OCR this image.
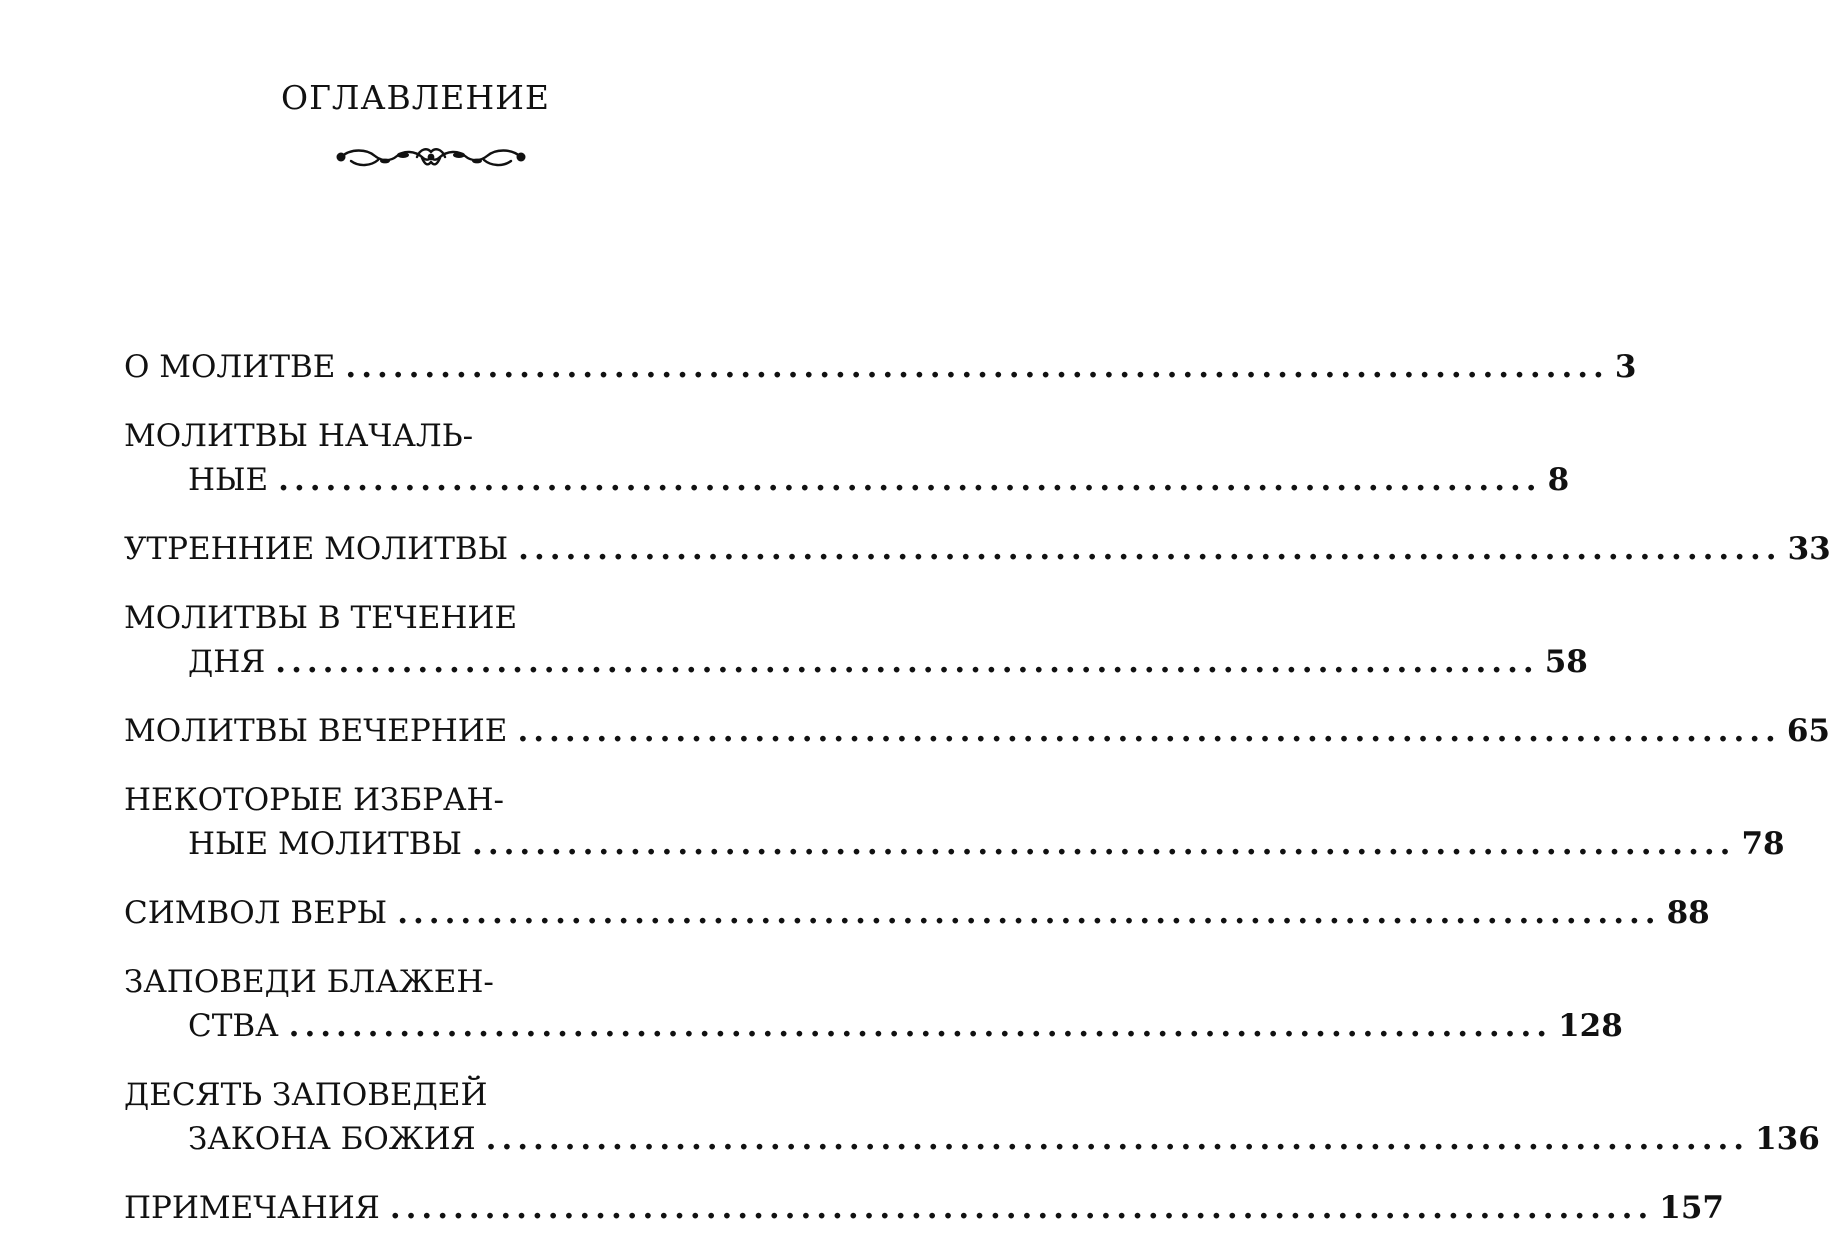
ОГЛАВЛЕНИЕ
О МОЛИТВЕ ................................................................................ 3
МОЛИТВЫ НАЧАЛЬ-
НЫЕ ................................................................................ 8
УТРЕННИЕ МОЛИТВЫ ................................................................................ 33
МОЛИТВЫ В ТЕЧЕНИЕ
ДНЯ ................................................................................ 58
МОЛИТВЫ ВЕЧЕРНИЕ ................................................................................ 65
НЕКОТОРЫЕ ИЗБРАН-
НЫЕ МОЛИТВЫ ................................................................................ 78
СИМВОЛ ВЕРЫ ................................................................................ 88
ЗАПОВЕДИ БЛАЖЕН-
СТВА ................................................................................ 128
ДЕСЯТЬ ЗАПОВЕДЕЙ
ЗАКОНА БОЖИЯ ................................................................................ 136
ПРИМЕЧАНИЯ ................................................................................ 157
